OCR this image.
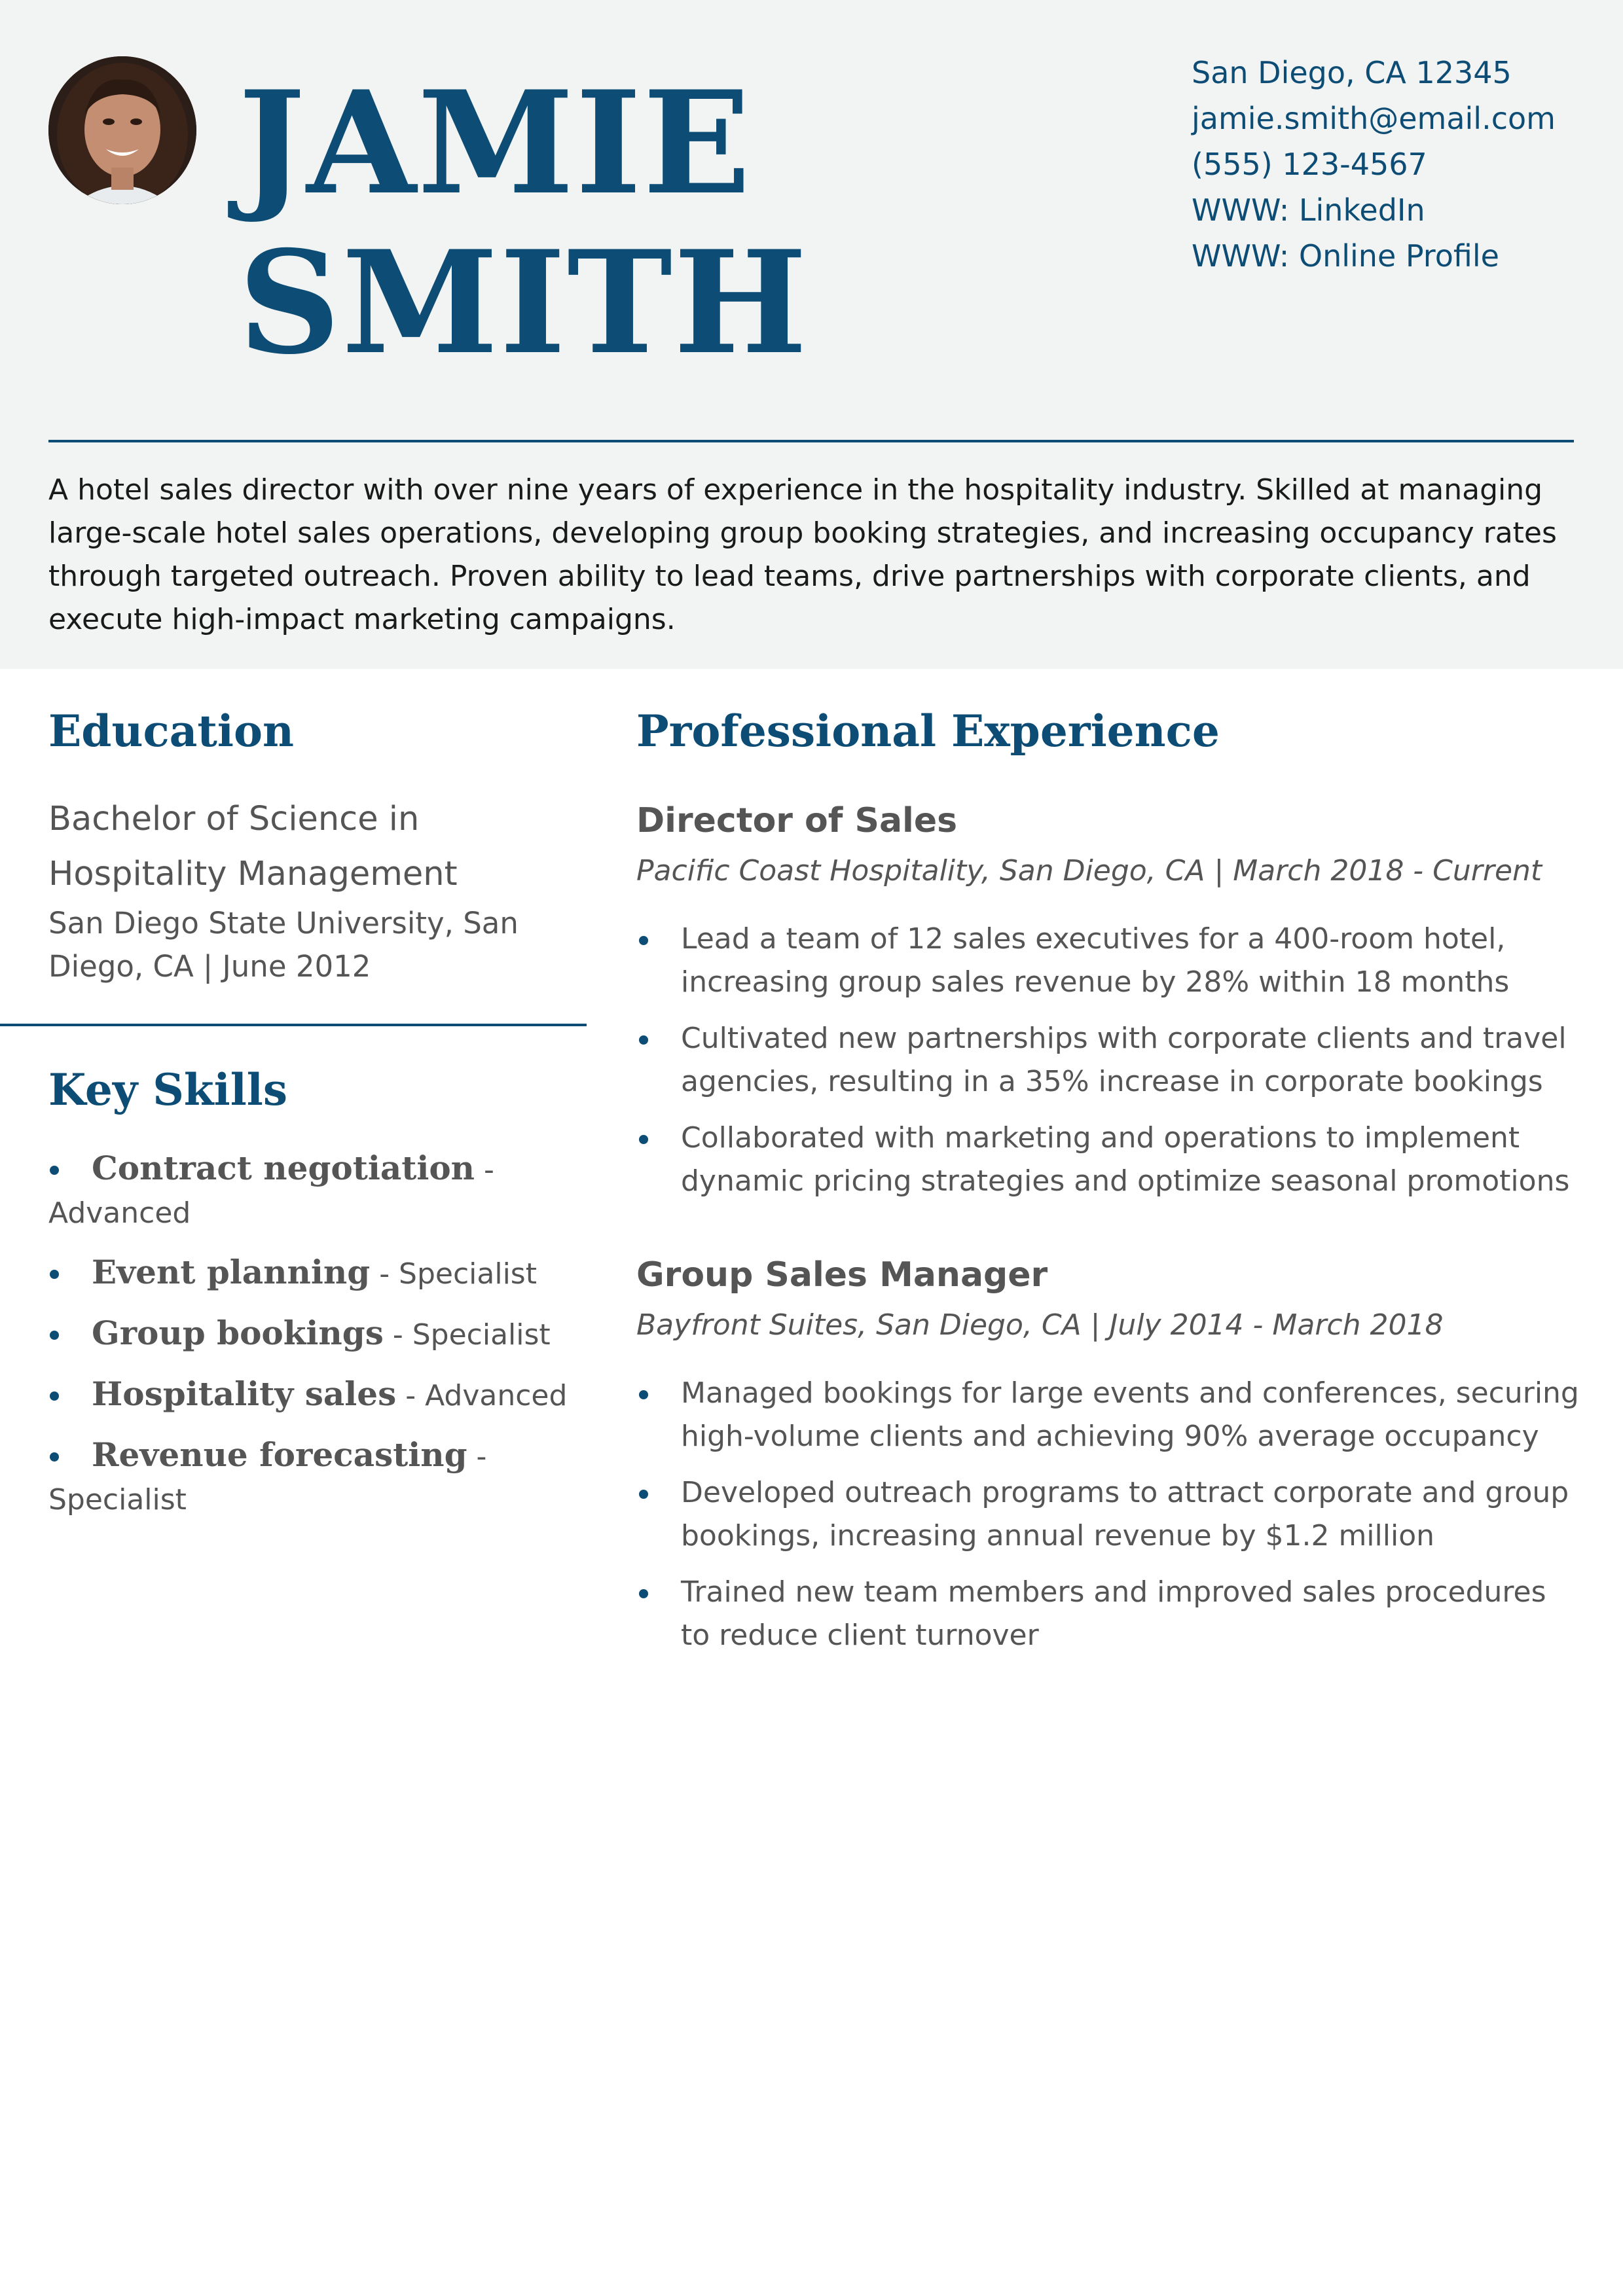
JAMIE
SMITH
San Diego, CA 12345
jamie.smith@email.com
(555) 123-4567
WWW: LinkedIn
WWW: Online Profile

A hotel sales director with over nine years of experience in the hospitality industry. Skilled at managing large-scale hotel sales operations, developing group booking strategies, and increasing occupancy rates through targeted outreach. Proven ability to lead teams, drive partnerships with corporate clients, and execute high-impact marketing campaigns.

Education

Bachelor of Science in Hospitality Management

San Diego State University, San Diego, CA | June 2012

Key Skills
Contract negotiation - Advanced
Event planning - Specialist
Group bookings - Specialist
Hospitality sales - Advanced
Revenue forecasting - Specialist
Professional Experience
Director of Sales

Pacific Coast Hospitality, San Diego, CA | March 2018 - Current

Lead a team of 12 sales executives for a 400-room hotel, increasing group sales revenue by 28% within 18 months
Cultivated new partnerships with corporate clients and travel agencies, resulting in a 35% increase in corporate bookings
Collaborated with marketing and operations to implement dynamic pricing strategies and optimize seasonal promotions
Group Sales Manager

Bayfront Suites, San Diego, CA | July 2014 - March 2018

Managed bookings for large events and conferences, securing high-volume clients and achieving 90% average occupancy
Developed outreach programs to attract corporate and group bookings, increasing annual revenue by $1.2 million
Trained new team members and improved sales procedures to reduce client turnover
